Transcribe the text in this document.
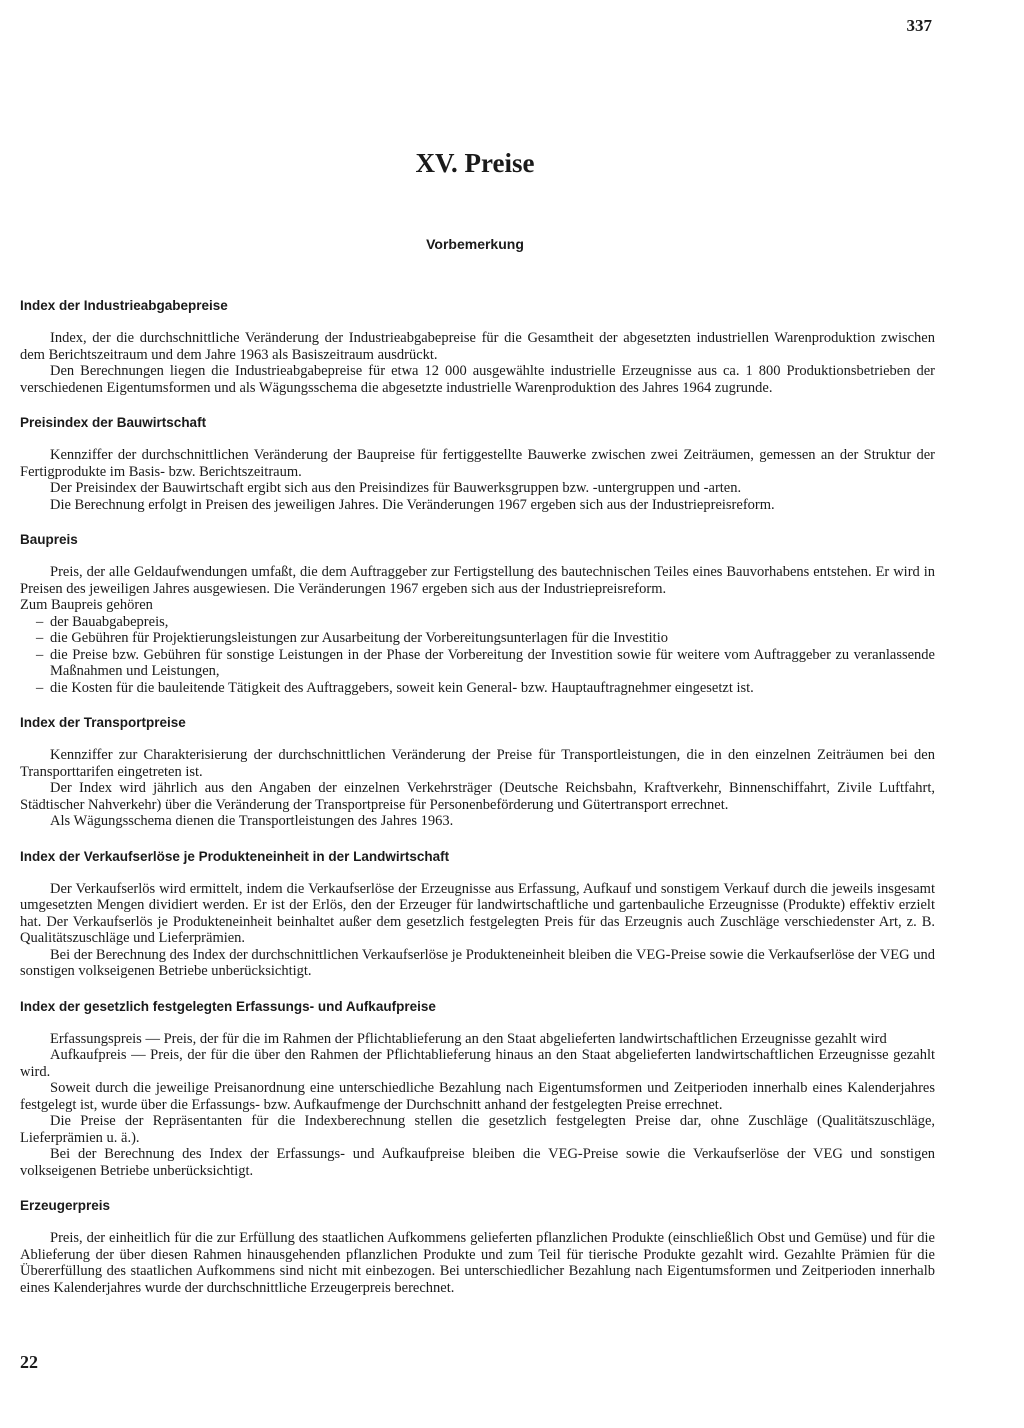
337
XV. Preise
Vorbemerkung
Index der Industrieabgabepreise

Index, der die durchschnittliche Veränderung der Industrieabgabepreise für die Gesamtheit der abgesetzten industriellen Warenproduktion zwischen dem Berichtszeitraum und dem Jahre 1963 als Basiszeitraum ausdrückt.

Den Berechnungen liegen die Industrieabgabepreise für etwa 12 000 ausgewählte industrielle Erzeugnisse aus ca. 1 800 Produktionsbetrieben der verschiedenen Eigentumsformen und als Wägungsschema die abgesetzte industrielle Warenproduktion des Jahres 1964 zugrunde.

Preisindex der Bauwirtschaft

Kennziffer der durchschnittlichen Veränderung der Baupreise für fertiggestellte Bauwerke zwischen zwei Zeiträumen, gemessen an der Struktur der Fertigprodukte im Basis- bzw. Berichtszeitraum.

Der Preisindex der Bauwirtschaft ergibt sich aus den Preisindizes für Bauwerksgruppen bzw. -untergruppen und -arten.

Die Berechnung erfolgt in Preisen des jeweiligen Jahres. Die Veränderungen 1967 ergeben sich aus der Industriepreisreform.

Baupreis

Preis, der alle Geldaufwendungen umfaßt, die dem Auftraggeber zur Fertigstellung des bautechnischen Teiles eines Bauvorhabens entstehen. Er wird in Preisen des jeweiligen Jahres ausgewiesen. Die Veränderungen 1967 ergeben sich aus der Industriepreisreform.

Zum Baupreis gehören

– der Bauabgabepreis,
– die Gebühren für Projektierungsleistungen zur Ausarbeitung der Vorbereitungsunterlagen für die Investitio
– die Preise bzw. Gebühren für sonstige Leistungen in der Phase der Vorbereitung der Investition sowie für weitere vom Auftraggeber zu veranlassende Maßnahmen und Leistungen,
– die Kosten für die bauleitende Tätigkeit des Auftraggebers, soweit kein General- bzw. Hauptauftragnehmer eingesetzt ist.
Index der Transportpreise

Kennziffer zur Charakterisierung der durchschnittlichen Veränderung der Preise für Transportleistungen, die in den einzelnen Zeiträumen bei den Transporttarifen eingetreten ist.

Der Index wird jährlich aus den Angaben der einzelnen Verkehrsträger (Deutsche Reichsbahn, Kraftverkehr, Binnenschiffahrt, Zivile Luftfahrt, Städtischer Nahverkehr) über die Veränderung der Transportpreise für Personenbeförderung und Gütertransport errechnet.

Als Wägungsschema dienen die Transportleistungen des Jahres 1963.

Index der Verkaufserlöse je Produkteneinheit in der Landwirtschaft

Der Verkaufserlös wird ermittelt, indem die Verkaufserlöse der Erzeugnisse aus Erfassung, Aufkauf und sonstigem Verkauf durch die jeweils insgesamt umgesetzten Mengen dividiert werden. Er ist der Erlös, den der Erzeuger für landwirtschaftliche und gartenbauliche Erzeugnisse (Produkte) effektiv erzielt hat. Der Verkaufserlös je Produkteneinheit beinhaltet außer dem gesetzlich festgelegten Preis für das Erzeugnis auch Zuschläge verschiedenster Art, z. B. Qualitätszuschläge und Lieferprämien.

Bei der Berechnung des Index der durchschnittlichen Verkaufserlöse je Produkteneinheit bleiben die VEG-Preise sowie die Verkaufserlöse der VEG und sonstigen volkseigenen Betriebe unberücksichtigt.

Index der gesetzlich festgelegten Erfassungs- und Aufkaufpreise

Erfassungspreis — Preis, der für die im Rahmen der Pflichtablieferung an den Staat abgelieferten landwirtschaftlichen Erzeugnisse gezahlt wird

Aufkaufpreis — Preis, der für die über den Rahmen der Pflichtablieferung hinaus an den Staat abgelieferten landwirtschaftlichen Erzeugnisse gezahlt wird.

Soweit durch die jeweilige Preisanordnung eine unterschiedliche Bezahlung nach Eigentumsformen und Zeitperioden innerhalb eines Kalenderjahres festgelegt ist, wurde über die Erfassungs- bzw. Aufkaufmenge der Durchschnitt anhand der festgelegten Preise errechnet.

Die Preise der Repräsentanten für die Indexberechnung stellen die gesetzlich festgelegten Preise dar, ohne Zuschläge (Qualitätszuschläge, Lieferprämien u. ä.).

Bei der Berechnung des Index der Erfassungs- und Aufkaufpreise bleiben die VEG-Preise sowie die Verkaufserlöse der VEG und sonstigen volkseigenen Betriebe unberücksichtigt.

Erzeugerpreis

Preis, der einheitlich für die zur Erfüllung des staatlichen Aufkommens gelieferten pflanzlichen Produkte (einschließlich Obst und Gemüse) und für die Ablieferung der über diesen Rahmen hinausgehenden pflanzlichen Produkte und zum Teil für tierische Produkte gezahlt wird. Gezahlte Prämien für die Übererfüllung des staatlichen Aufkommens sind nicht mit einbezogen. Bei unterschiedlicher Bezahlung nach Eigentumsformen und Zeitperioden innerhalb eines Kalenderjahres wurde der durchschnittliche Erzeugerpreis berechnet.

22
